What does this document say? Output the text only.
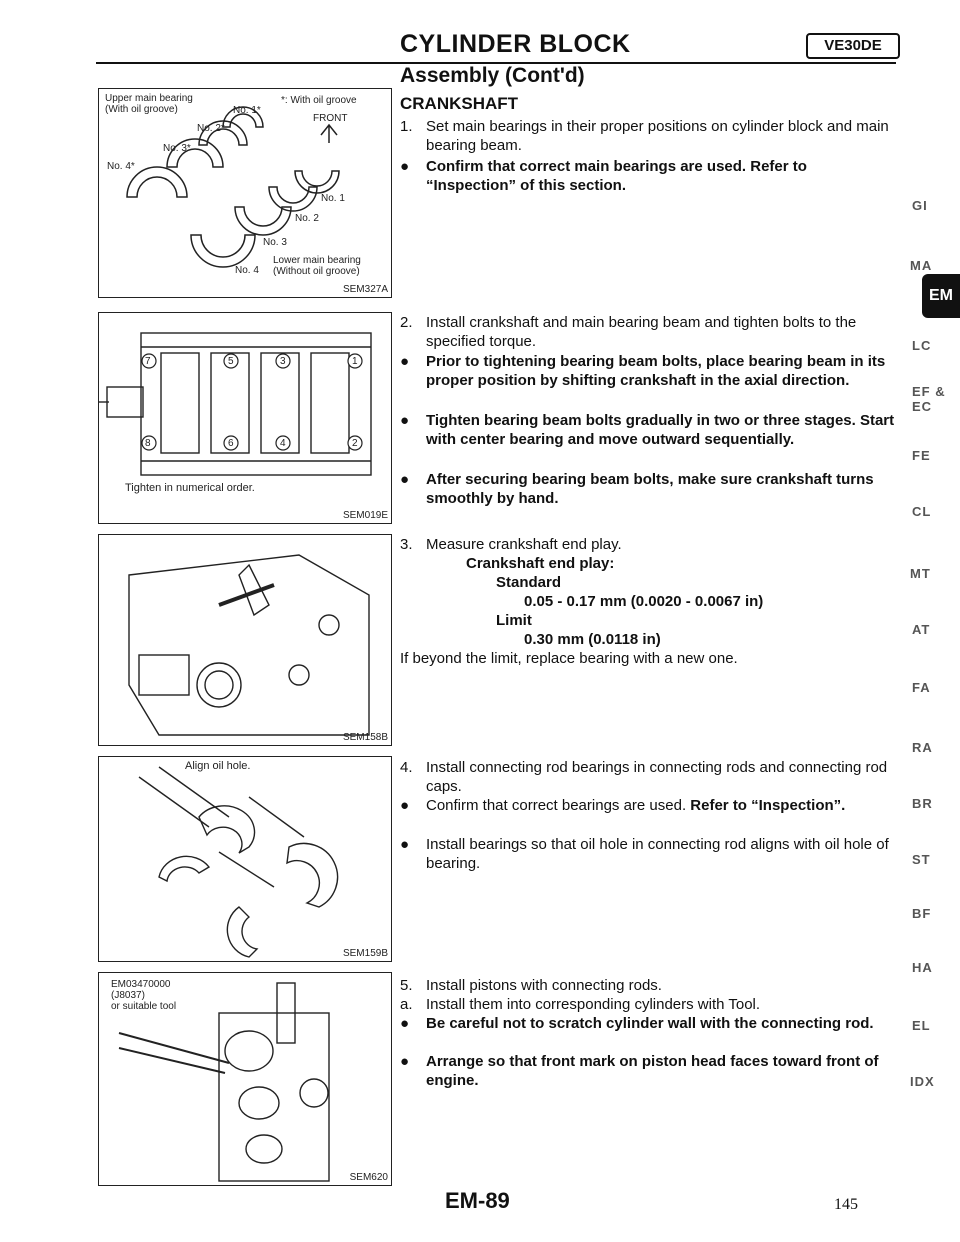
CYLINDER BLOCK	VE30DE
Assembly (Cont'd)
CRANKSHAFT
Upper main bearing
(With oil groove)
*: With oil groove
FRONT
No. 1*
No. 2*
No. 3*
No. 4*
No. 1
No. 2
No. 3
No. 4
Lower main bearing
(Without oil groove)
SEM327A
7	5	3	1
8	6	4	2
Tighten in numerical order.
SEM019E
SEM158B
Align oil hole.
SEM159B
EM03470000
(J8037)
or suitable tool
SEM620
1. Set main bearings in their proper positions on cylinder block and main bearing beam.
● Confirm that correct main bearings are used. Refer to “Inspection” of this section.
2. Install crankshaft and main bearing beam and tighten bolts to the specified torque.
● Prior to tightening bearing beam bolts, place bearing beam in its proper position by shifting crankshaft in the axial direction.
● Tighten bearing beam bolts gradually in two or three stages. Start with center bearing and move outward sequentially.
● After securing bearing beam bolts, make sure crankshaft turns smoothly by hand.
3. Measure crankshaft end play.
Crankshaft end play:
Standard
0.05 - 0.17 mm (0.0020 - 0.0067 in)
Limit
0.30 mm (0.0118 in)
If beyond the limit, replace bearing with a new one.
4. Install connecting rod bearings in connecting rods and connecting rod caps.
● Confirm that correct bearings are used. Refer to “Inspection”.
● Install bearings so that oil hole in connecting rod aligns with oil hole of bearing.
5. Install pistons with connecting rods.
a. Install them into corresponding cylinders with Tool.
● Be careful not to scratch cylinder wall with the connecting rod.
● Arrange so that front mark on piston head faces toward front of engine.
GI
MA
EM
LC
EF &
EC
FE
CL
MT
AT
FA
RA
BR
ST
BF
HA
EL
IDX
EM-89	145
